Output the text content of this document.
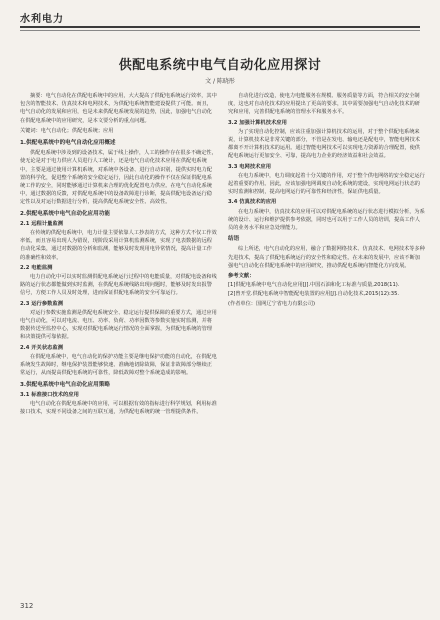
水利电力
供配电系统中电气自动化应用探讨
文 / 陈晓彤

摘要：电气自动化在供配电系统中的应用，大大提高了供配电系统运行效率，其中包含的智能技术、仿真技术和电网技术，为供配电系统智能建设提供了可能。而且，电气自动化的发展和应用，也是未来供配电系统发展的趋势，因此，加强电气自动化在供配电系统中的应用研究，是本文要分析的重点问题。

关键词：电气自动化；供配电系统；应用

1.供配电系统中的电气自动化应用概述
供配电系统中涉及到的设备技术，属于线上操作，人工的操作存在很多不确定性，使无论是对于电力供应人员进行人工统计，还是电气自动化技术应用在供配电系统中，主要是通过使用计算机系统，对系统中各设备、进行自动识别，提供实时电力配置的科学化，促进整个系统的安全稳定运行，因此自动化的操作不仅在保证供配电系统工作的安全，同时能够通过计算机来合理的优化配置电力供应。在电气自动化系统中，通过数据的反馈，对供配电系统中的设备故障进行诊断，提高供配电设备运行稳定性以及对运行数据进行分析，提高供配电系统安全性、高效性。
2.供配电系统中电气自动化应用功能
2.1 远程计量监测
在传统的供配电系统中，电力计量主要依靠人工抄表的方式，这种方式不仅工作效率低，而且容易出现人为错误，现阶段采用计算机监测系统，实现了电表数据的远程自动化采集，通过对数据的分析和监测，能够及时发现用电异常情况，提高计量工作的准确性和效率。
2.2 电能监测
电力自动化中可以实时监测供配电系统运行过程中的电能质量，对供配电设备和线路的运行状态都能做到实时监测，在供配电系统线路出现问题时，能够及时发出报警信号，方便工作人员及时处理，进而保证供配电系统的安全可靠运行。
2.3 运行参数监测
对运行参数实施监测是供配电系统安全、稳定运行提供保障的重要方式，通过应用电气自动化，可以对电流、电压、功率、负荷、功率因数等参数实施实时监测，并将数据传送至监控中心，实现对供配电系统运行情况的全面掌握，为供配电系统的管理和决策提供可靠依据。
2.4 开关状态监测
在供配电系统中，电气自动化的保护功能主要是继电保护功能的自动化，在供配电系统发生故障时，继电保护装置能够快速、准确地切除故障，保证非故障部分继续正常运行，从而提高供配电系统的可靠性，降低故障对整个系统造成的影响。
3.供配电系统中电气自动化应用策略
3.1 标准接口技术的应用
电气自动化在供配电系统中的应用，可以根据有效的指标进行科学规划，利用标准接口技术，实现不同设备之间的互联互通，为供配电系统的统一管理提供条件。
自动化进行改造，使电力电能服务在规模、服务质量等方面，符合相关的安全制度，这也对自动化技术的应用提出了更高的要求，其中需要加强电气自动化技术的研究和应用，完善供配电系统的管理水平和服务水平。
3.2 加强计算机技术应用
为了实现自动化控制，应该注重加强计算机技术的运用，对于整个供配电系统来说，计算机技术是非常关键的部分，不管是在发电、输电还是配电中，智能电网技术都离不开计算机技术的运用。通过智能电网技术可以实现电力资源的合理配置，使供配电系统运行更加安全、可靠，提高电力企业的经济效益和社会效益。
3.3 电网技术应用
在电力系统中，电力调度起着十分关键的作用，对于整个供电网络的安全稳定运行起着重要的作用。因此，应该加强电网调度自动化系统的建设，实现电网运行状态的实时监测和控制，提高电网运行的可靠性和经济性，保证供电质量。
3.4 仿真技术的应用
在电力系统中，仿真技术的应用可以对供配电系统的运行状态进行模拟分析，为系统的设计、运行和维护提供参考依据，同时也可以用于工作人员的培训，提高工作人员的业务水平和应急处理能力。
结语
综上所述，电气自动化的应用，融合了数据网络技术、仿真技术、电网技术等多种先进技术，提高了供配电系统运行的安全性和稳定性。在未来的发展中，应该不断加强电气自动化在供配电系统中的应用研究，推动供配电系统向智能化方向发展。
参考文献：
[1]供配电系统中电气自动化应用[J].中国石油和化工标准与质量,2018(11).
[2]曾开堂.供配电系统中智能配电装置的应用[J].自动化技术,2015(12):35.

(作者单位：国网辽宁省电力有限公司)

312
